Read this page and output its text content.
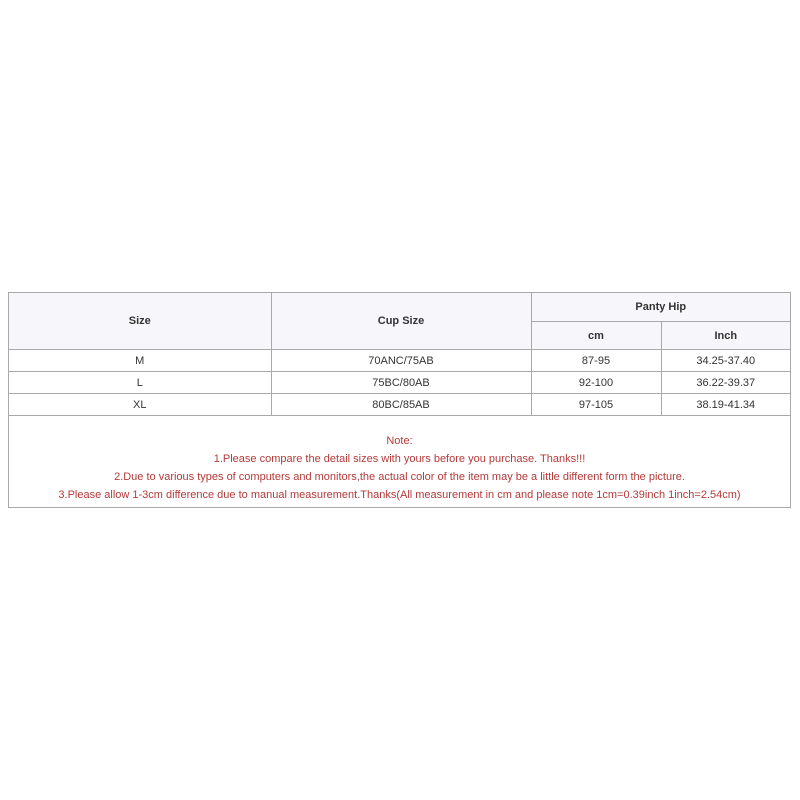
Size	Cup Size	Panty Hip	
		cm	Inch
M	70ANC/75AB	87-95	34.25-37.40
L	75BC/80AB	92-100	36.22-39.37
XL	80BC/85AB	97-105	38.19-41.34
Note:
1.Please compare the detail sizes with yours before you purchase. Thanks!!!
2.Due to various types of computers and monitors,the actual color of the item may be a little different form the picture.
3.Please allow 1-3cm difference due to manual measurement.Thanks(All measurement in cm and please note 1cm=0.39inch 1inch=2.54cm)
